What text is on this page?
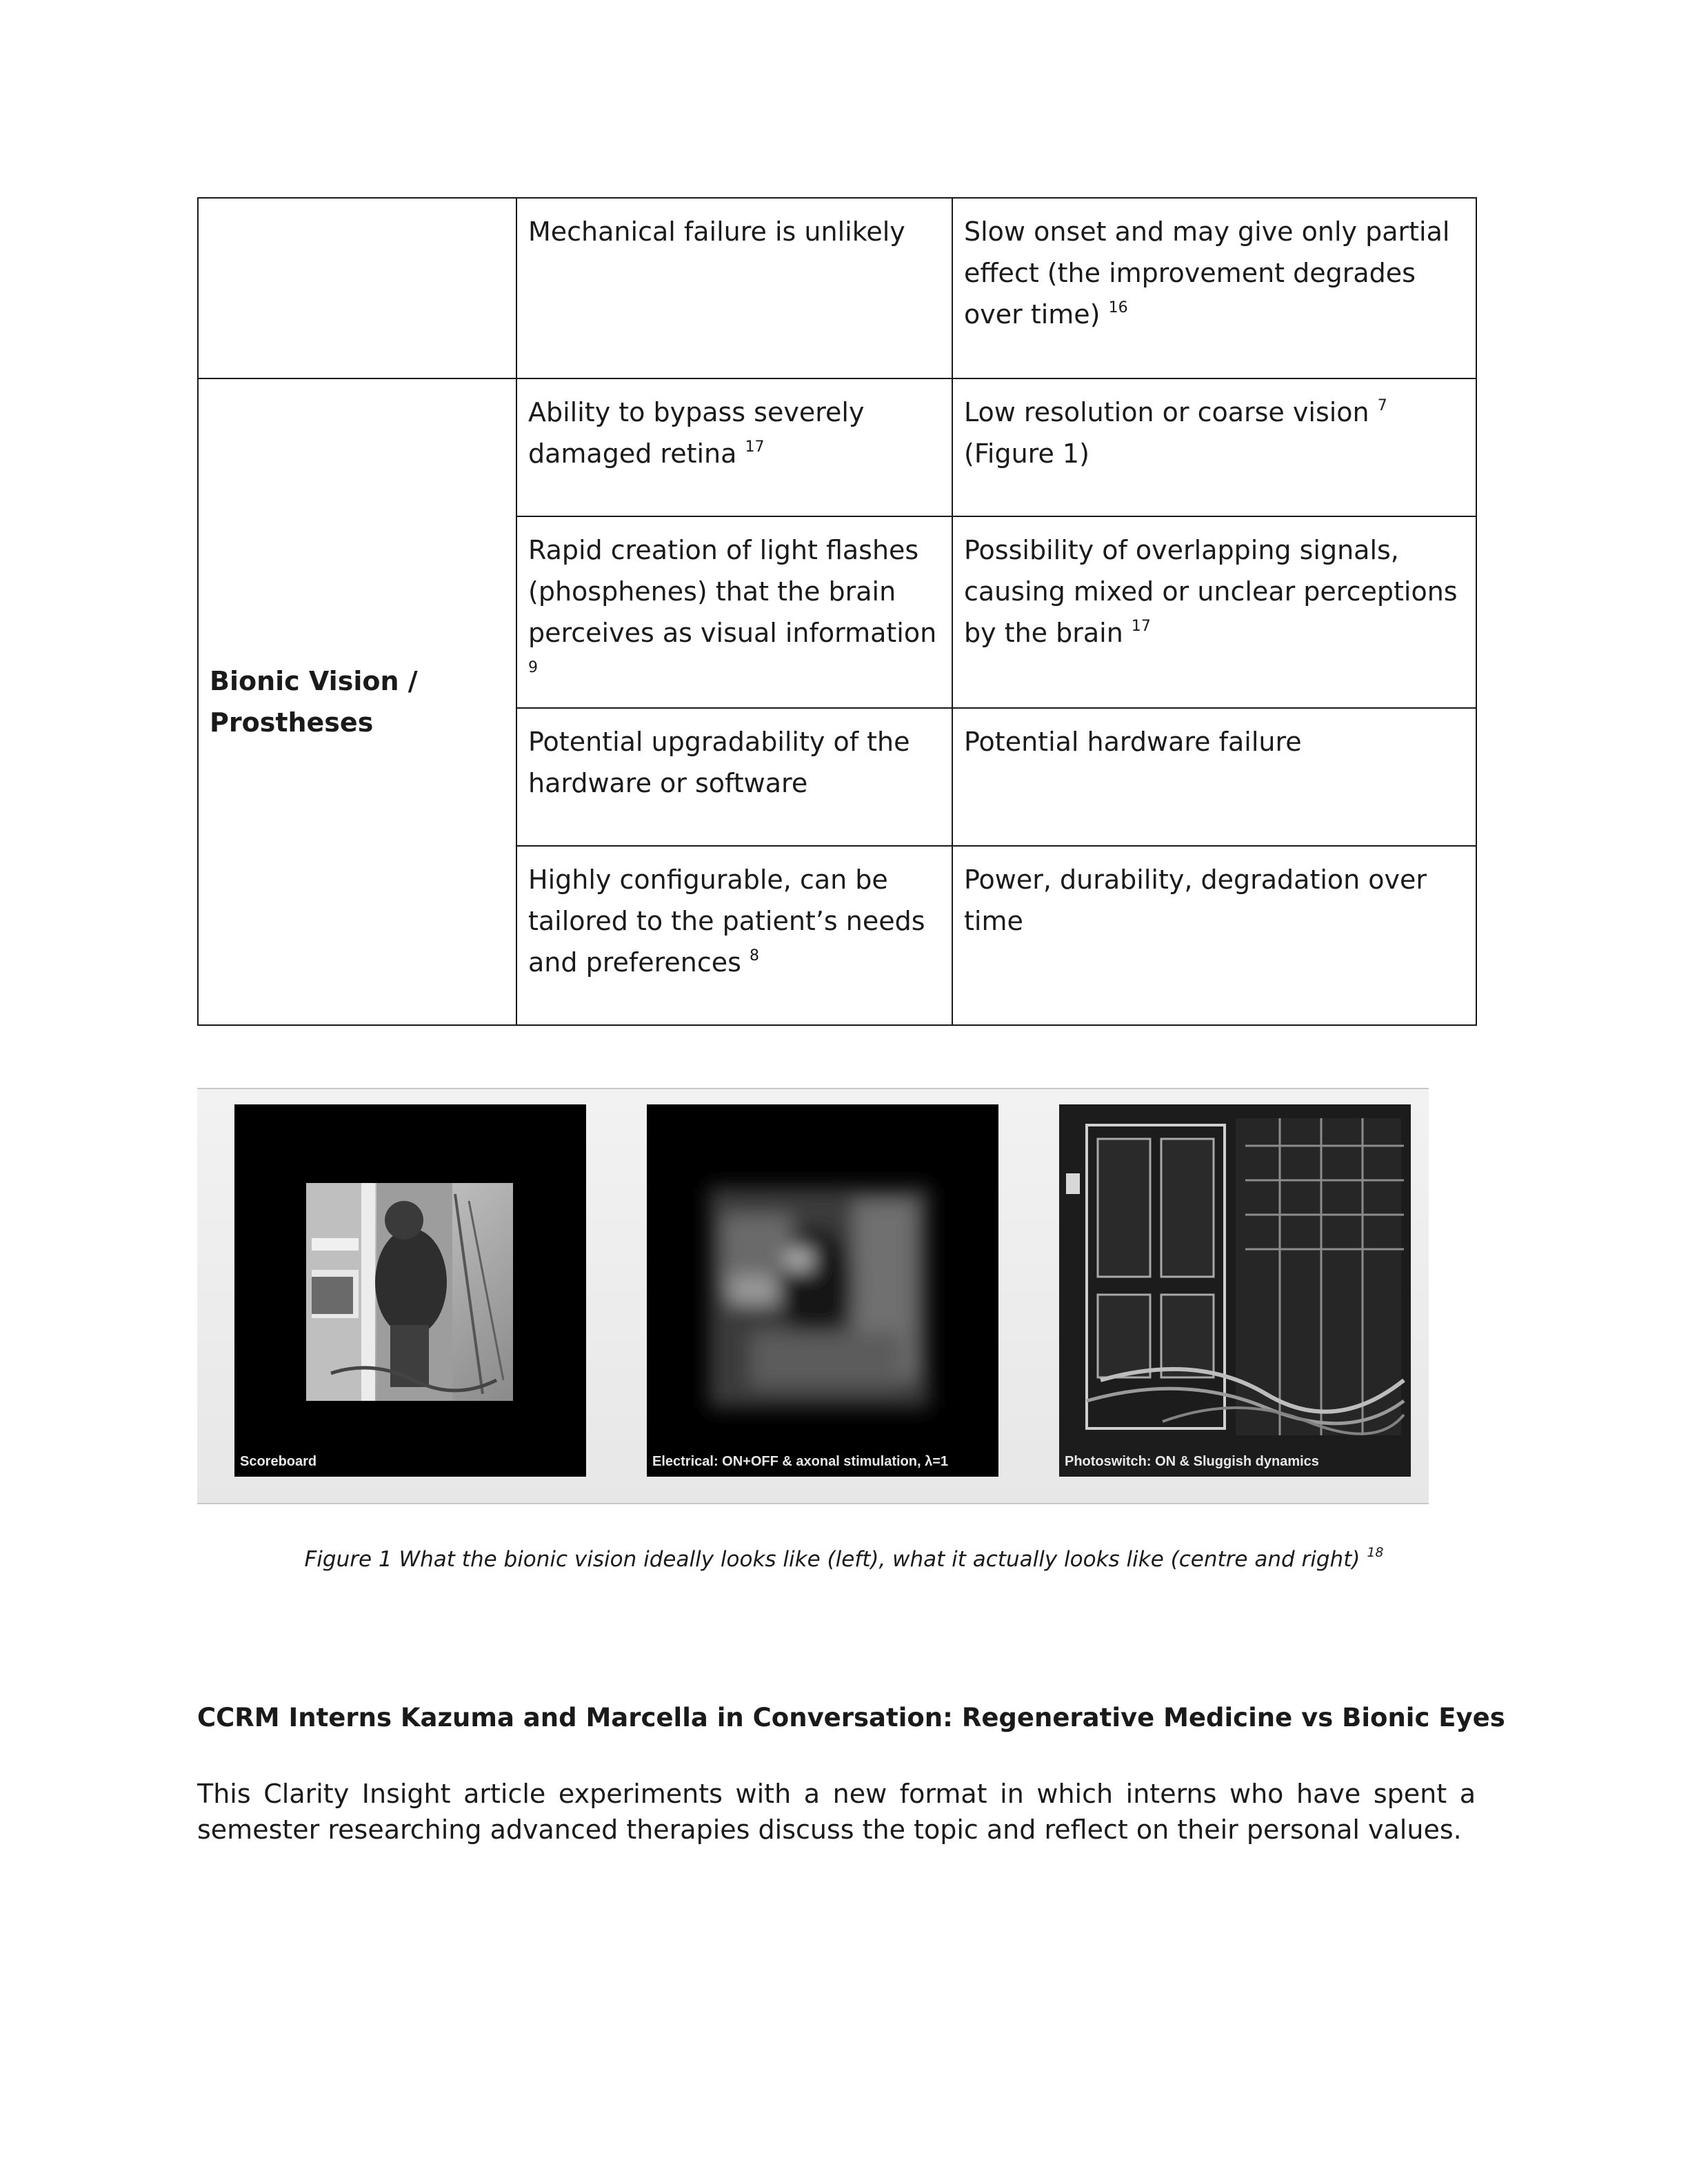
	Mechanical failure is unlikely	Slow onset and may give only partial effect (the improvement degrades over time) $^{16}$
Bionic Vision /
Prostheses	Ability to bypass severely damaged retina $^{17}$	Low resolution or coarse vision $^7$ (Figure 1)
	Rapid creation of light flashes (phosphenes) that the brain perceives as visual information $^9$	Possibility of overlapping signals, causing mixed or unclear perceptions by the brain $^{17}$
	Potential upgradability of the hardware or software	Potential hardware failure
	Highly configurable, can be tailored to the patient’s needs and preferences $^8$	Power, durability, degradation over time
Scoreboard	Electrical: ON+OFF & axonal stimulation, λ=1	Photoswitch: ON & Sluggish dynamics
Figure 1 What the bionic vision ideally looks like (left), what it actually looks like (centre and right) $^{18}$
CCRM Interns Kazuma and Marcella in Conversation: Regenerative Medicine vs Bionic Eyes
This Clarity Insight article experiments with a new format in which interns who have spent a semester researching advanced therapies discuss the topic and reflect on their personal values.
